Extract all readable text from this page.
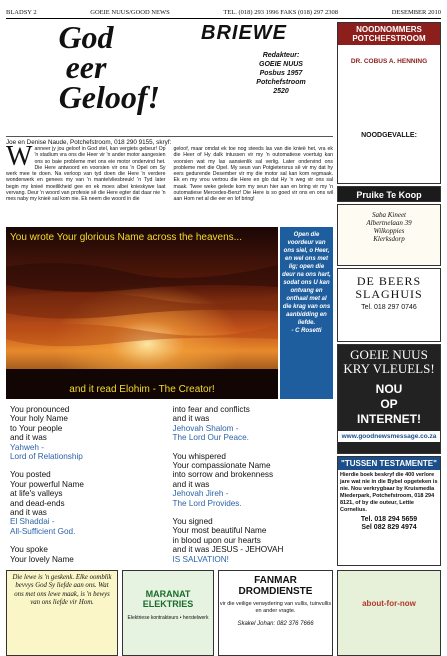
BLADSY 2	GOEIE NUUS/GOOD NEWS	TEL. (018) 293 1996 FAKS (018) 297 2308	DESEMBER 2010
God
eer
Geloof!
BRIEWE
Redakteur:
GOEIE NUUS
Posbus 1957
Potchefstroom
2520
Joe en Denise Naude, Potchefstroom, 018 290 9155, skryf:
W anneer jy jou geloof in God stel, kan vergiets gebeur! Op 'n stadium vra ons die Heer vir 'n ander motor aangesien ons so baie probleme met ons eie motor ondervind het. Die Here antwoord en voorsien vir ons 'n Opel om Sy werk mee te doen. Na verloop van tyd doen die Here 'n verdere wonderwerk en genees my van 'n mantelvliesbreuk! 'n Tyd later begin my knieë moeilikheid gee en ek moes albei knieskywe laat vervang. Deur 'n woord van profesie sê die Here egter dat daar nie 'n mes naby my knieë sal kom nie. Ek neem die woord in die
geloof, maar omdat ek toe nog steeds las van die knieë het, vra ek die Heer of Hy dalk intussen vir my 'n outomatiese voertuig kan voorsien wat my las aansienlik sal verlig. Later ondervind ons probleme met die Opel. My seun van Potgietersrus sê vir my dat hy eers gedurende Desember vir my die motor sal kan kom regmaak. Ek en my vrou vertrou die Here en glo dat Hy 'n weg vir ons sal maak. Twee weke gelede kom my seun hier aan en bring vir my 'n outomatiese Mercedes-Benz! Die Here is so goed vir ons en ons wil aan Hom net al die eer en lof bring!
You wrote Your glorious Name across the heavens...
and it read Elohim - The Creator!
Open die voordeur van ons siel, o Heer, en wel ons met lig; open die deur na ons hart, sodat ons U kan ontvang en onthaal met al die krag van ons aanbidding en liefde.
- C Rosetti
You pronounced
Your holy Name
to Your people
and it was
Yahweh -
Lord of Relationship
You posted
Your powerful Name
at life's valleys
and dead-ends
and it was
El Shaddai -
All-Sufficient God.
You spoke
Your lovely Name
into fear and conflicts
and it was
Jehovah Shalom -
The Lord Our Peace.
You whispered
Your compassionate Name
into sorrow and brokenness
and it was
Jehovah Jireh -
The Lord Provides.
You signed
Your most beautiful Name
in blood upon our hearts
and it was JESUS - JEHOVAH
IS SALVATION!

Die lewe is 'n geskenk. Elke oomblik bevvys God Sy liefde aan ons. Wat ons met ons lewe maak, is 'n bewys van ons liefde vir Hom.

MARANAT ELEKTRIES
Elektriese kontrakteurs • herstelwerk
FANMAR DROMDIENSTE
vir die veilige verwydering van vullis, tuinvullis en ander vragte.
Skakel Johan: 082 376 7666
NOODNOMMERS POTCHEFSTROOM
DR. COBUS A. HENNING
NOODGEVALLE:
Pruike Te Koop
Saba Kineet
Albertnelaan 39
Wilkoppies
Klerksdorp
DE BEERS
SLAGHUIS
Tel. 018 297 0746
GOEIE NUUS
KRY VLEUELS!
NOU
OP
INTERNET!
www.goodnewsmessage.co.za
"TUSSEN TESTAMENTE"
Hierdie boek beskryf die 400 verlore jare wat nie in die Bybel opgeteken is nie. Nou verkrygbaar by Kruismedia Miederpark, Potchefstroom, 018 294 8121, of by die outeur, Lettie Cornelius.
Tel. 018 294 5659
Sel 082 829 4974
about-for-now
